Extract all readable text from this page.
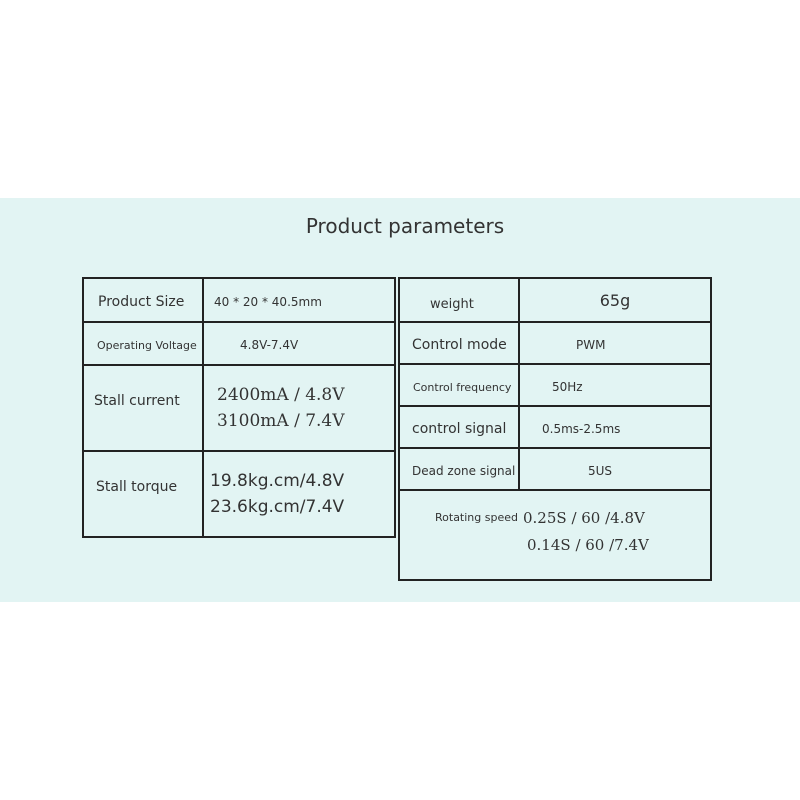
Product parameters
Product Size	40 * 20 * 40.5mm
Operating Voltage	4.8V-7.4V
Stall current	2400mA / 4.8V
3100mA / 7.4V

Stall torque	19.8kg.cm/4.8V
23.6kg.cm/7.4V
weight	65g
Control mode	PWM
Control frequency	50Hz
control signal	0.5ms-2.5ms
Dead zone signal	5US

Rotating speed 0.25S / 60 /4.8V
0.14S / 60 /7.4V	
